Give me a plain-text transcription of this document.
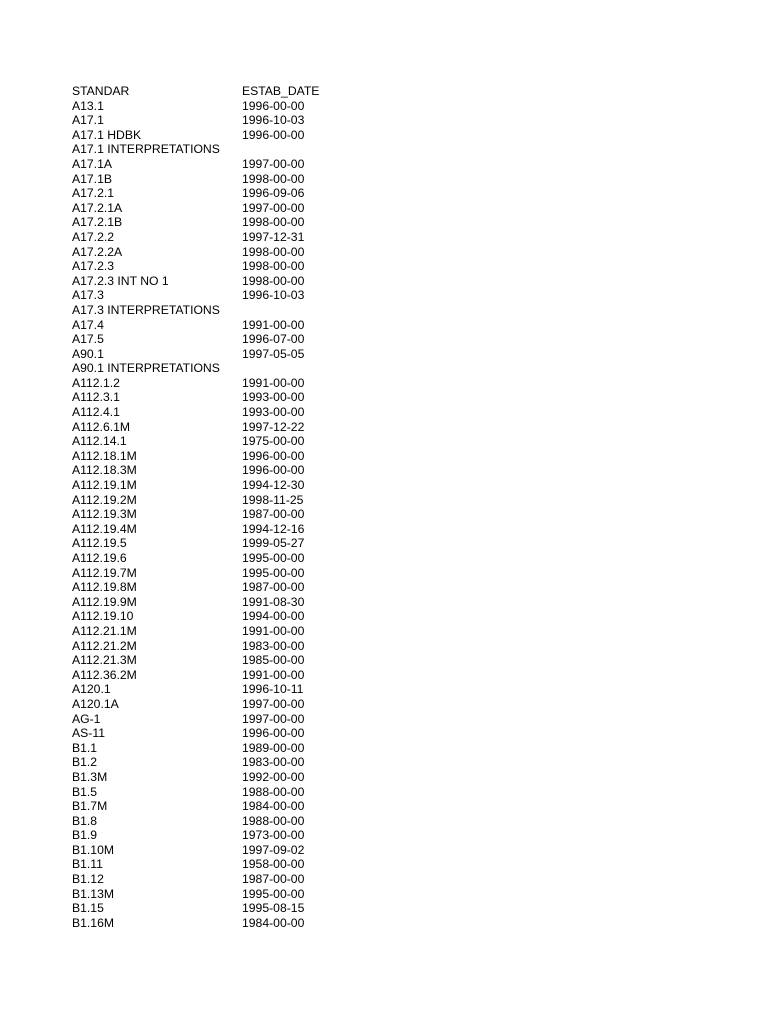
STANDAR	ESTAB_DATE
A13.1	1996-00-00
A17.1	1996-10-03
A17.1 HDBK	1996-00-00
A17.1 INTERPRETATIONS
A17.1A	1997-00-00
A17.1B	1998-00-00
A17.2.1	1996-09-06
A17.2.1A	1997-00-00
A17.2.1B	1998-00-00
A17.2.2	1997-12-31
A17.2.2A	1998-00-00
A17.2.3	1998-00-00
A17.2.3 INT NO 1	1998-00-00
A17.3	1996-10-03
A17.3 INTERPRETATIONS
A17.4	1991-00-00
A17.5	1996-07-00
A90.1	1997-05-05
A90.1 INTERPRETATIONS
A112.1.2	1991-00-00
A112.3.1	1993-00-00
A112.4.1	1993-00-00
A112.6.1M	1997-12-22
A112.14.1	1975-00-00
A112.18.1M	1996-00-00
A112.18.3M	1996-00-00
A112.19.1M	1994-12-30
A112.19.2M	1998-11-25
A112.19.3M	1987-00-00
A112.19.4M	1994-12-16
A112.19.5	1999-05-27
A112.19.6	1995-00-00
A112.19.7M	1995-00-00
A112.19.8M	1987-00-00
A112.19.9M	1991-08-30
A112.19.10	1994-00-00
A112.21.1M	1991-00-00
A112.21.2M	1983-00-00
A112.21.3M	1985-00-00
A112.36.2M	1991-00-00
A120.1	1996-10-11
A120.1A	1997-00-00
AG-1	1997-00-00
AS-11	1996-00-00
B1.1	1989-00-00
B1.2	1983-00-00
B1.3M	1992-00-00
B1.5	1988-00-00
B1.7M	1984-00-00
B1.8	1988-00-00
B1.9	1973-00-00
B1.10M	1997-09-02
B1.11	1958-00-00
B1.12	1987-00-00
B1.13M	1995-00-00
B1.15	1995-08-15
B1.16M	1984-00-00
